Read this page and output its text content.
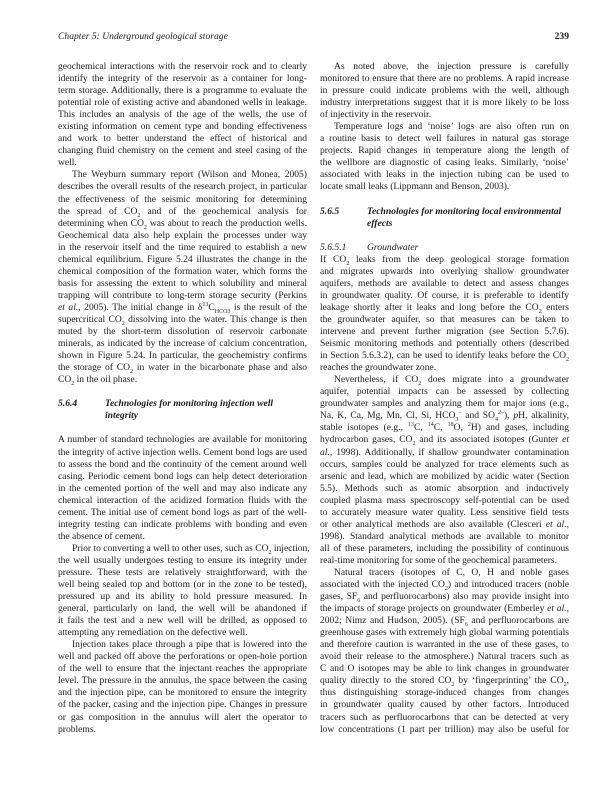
Chapter 5: Underground geological storage	239
geochemical interactions with the reservoir rock and to clearly
identify the integrity of the reservoir as a container for long-
term storage. Additionally, there is a programme to evaluate the
potential role of existing active and abandoned wells in leakage.
This includes an analysis of the age of the wells, the use of
existing information on cement type and bonding effectiveness
and work to better understand the effect of historical and
changing fluid chemistry on the cement and steel casing of the
well.
The Weyburn summary report (Wilson and Monea, 2005)
describes the overall results of the research project, in particular
the effectiveness of the seismic monitoring for determining
the spread of $CO_2$ and of the geochemical analysis for
determining when $CO_2$ was about to reach the production wells.
Geochemical data also help explain the processes under way
in the reservoir itself and the time required to establish a new
chemical equilibrium. Figure 5.24 illustrates the change in the
chemical composition of the formation water, which forms the
basis for assessing the extent to which solubility and mineral
trapping will contribute to long-term storage security (Perkins
et al., 2005). The initial change in $\delta^{13}C_{HCO3}$ is the result of the
supercritical $CO_2$ dissolving into the water. This change is then
muted by the short-term dissolution of reservoir carbonate
minerals, as indicated by the increase of calcium concentration,
shown in Figure 5.24. In particular, the geochemistry confirms
the storage of $CO_2$ in water in the bicarbonate phase and also
$CO_2$ in the oil phase.
5.6.4	Technologies for monitoring injection well integrity
A number of standard technologies are available for monitoring
the integrity of active injection wells. Cement bond logs are used
to assess the bond and the continuity of the cement around well
casing. Periodic cement bond logs can help detect deterioration
in the cemented portion of the well and may also indicate any
chemical interaction of the acidized formation fluids with the
cement. The initial use of cement bond logs as part of the well-
integrity testing can indicate problems with bonding and even
the absence of cement.
Prior to converting a well to other uses, such as $CO_2$ injection,
the well usually undergoes testing to ensure its integrity under
pressure. These tests are relatively straightforward, with the
well being sealed top and bottom (or in the zone to be tested),
pressured up and its ability to hold pressure measured. In
general, particularly on land, the well will be abandoned if
it fails the test and a new well will be drilled, as opposed to
attempting any remediation on the defective well.
Injection takes place through a pipe that is lowered into the
well and packed off above the perforations or open-hole portion
of the well to ensure that the injectant reaches the appropriate
level. The pressure in the annulus, the space between the casing
and the injection pipe, can be monitored to ensure the integrity
of the packer, casing and the injection pipe. Changes in pressure
or gas composition in the annulus will alert the operator to
problems.
As noted above, the injection pressure is carefully
monitored to ensure that there are no problems. A rapid increase
in pressure could indicate problems with the well, although
industry interpretations suggest that it is more likely to be loss
of injectivity in the reservoir.
Temperature logs and ‘noise’ logs are also often run on
a routine basis to detect well failures in natural gas storage
projects. Rapid changes in temperature along the length of
the wellbore are diagnostic of casing leaks. Similarly, ‘noise’
associated with leaks in the injection tubing can be used to
locate small leaks (Lippmann and Benson, 2003).
5.6.5	Technologies for monitoring local environmental effects
5.6.5.1	Groundwater
If $CO_2$ leaks from the deep geological storage formation
and migrates upwards into overlying shallow groundwater
aquifers, methods are available to detect and assess changes
in groundwater quality. Of course, it is preferable to identify
leakage shortly after it leaks and long before the $CO_2$ enters
the groundwater aquifer, so that measures can be taken to
intervene and prevent further migration (see Section 5.7.6).
Seismic monitoring methods and potentially others (described
in Section 5.6.3.2), can be used to identify leaks before the $CO_2$
reaches the groundwater zone.
Nevertheless, if $CO_2$ does migrate into a groundwater
aquifer, potential impacts can be assessed by collecting
groundwater samples and analyzing them for major ions (e.g.,
Na, K, Ca, Mg, Mn, Cl, Si, $HCO_3^-$ and $SO_4^{2-}$), pH, alkalinity,
stable isotopes (e.g., $^{13}$C, $^{14}$C, $^{18}$O, $^2$H) and gases, including
hydrocarbon gases, $CO_2$ and its associated isotopes (Gunter et
al., 1998). Additionally, if shallow groundwater contamination
occurs, samples could be analyzed for trace elements such as
arsenic and lead, which are mobilized by acidic water (Section
5.5). Methods such as atomic absorption and inductively
coupled plasma mass spectroscopy self-potential can be used
to accurately measure water quality. Less sensitive field tests
or other analytical methods are also available (Clesceri et al.,
1998). Standard analytical methods are available to monitor
all of these parameters, including the possibility of continuous
real-time monitoring for some of the geochemical parameters.
Natural tracers (isotopes of C, O, H and noble gases
associated with the injected $CO_2$) and introduced tracers (noble
gases, $SF_6$ and perfluorocarbons) also may provide insight into
the impacts of storage projects on groundwater (Emberley et al.,
2002; Nimz and Hudson, 2005). ($SF_6$ and perfluorocarbons are
greenhouse gases with extremely high global warming potentials
and therefore caution is warranted in the use of these gases, to
avoid their release to the atmosphere.) Natural tracers such as
C and O isotopes may be able to link changes in groundwater
quality directly to the stored $CO_2$ by ‘fingerprinting’ the $CO_2$,
thus distinguishing storage-induced changes from changes
in groundwater quality caused by other factors. Introduced
tracers such as perfluorocarbons that can be detected at very
low concentrations (1 part per trillion) may also be useful for
